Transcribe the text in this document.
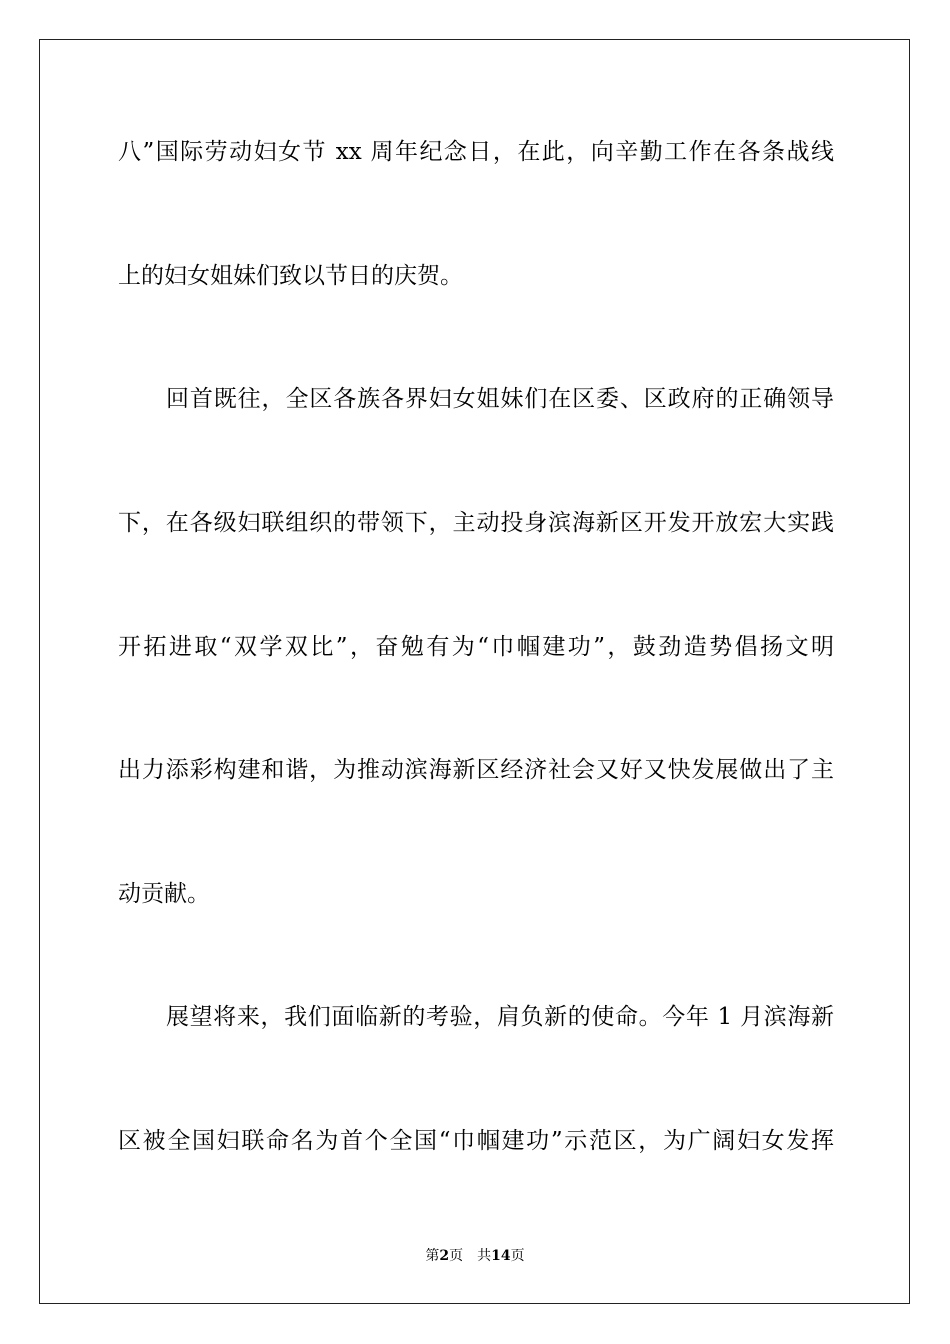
八”国际劳动妇女节 xx 周年纪念日，在此，向辛勤工作在各条战线
上的妇女姐妹们致以节日的庆贺。
回首既往，全区各族各界妇女姐妹们在区委、区政府的正确领导
下，在各级妇联组织的带领下，主动投身滨海新区开发开放宏大实践
开拓进取“双学双比”，奋勉有为“巾帼建功”，鼓劲造势倡扬文明
出力添彩构建和谐，为推动滨海新区经济社会又好又快发展做出了主
动贡献。
展望将来，我们面临新的考验，肩负新的使命。今年 1 月滨海新
区被全国妇联命名为首个全国“巾帼建功”示范区，为广阔妇女发挥
第2页 共14页
